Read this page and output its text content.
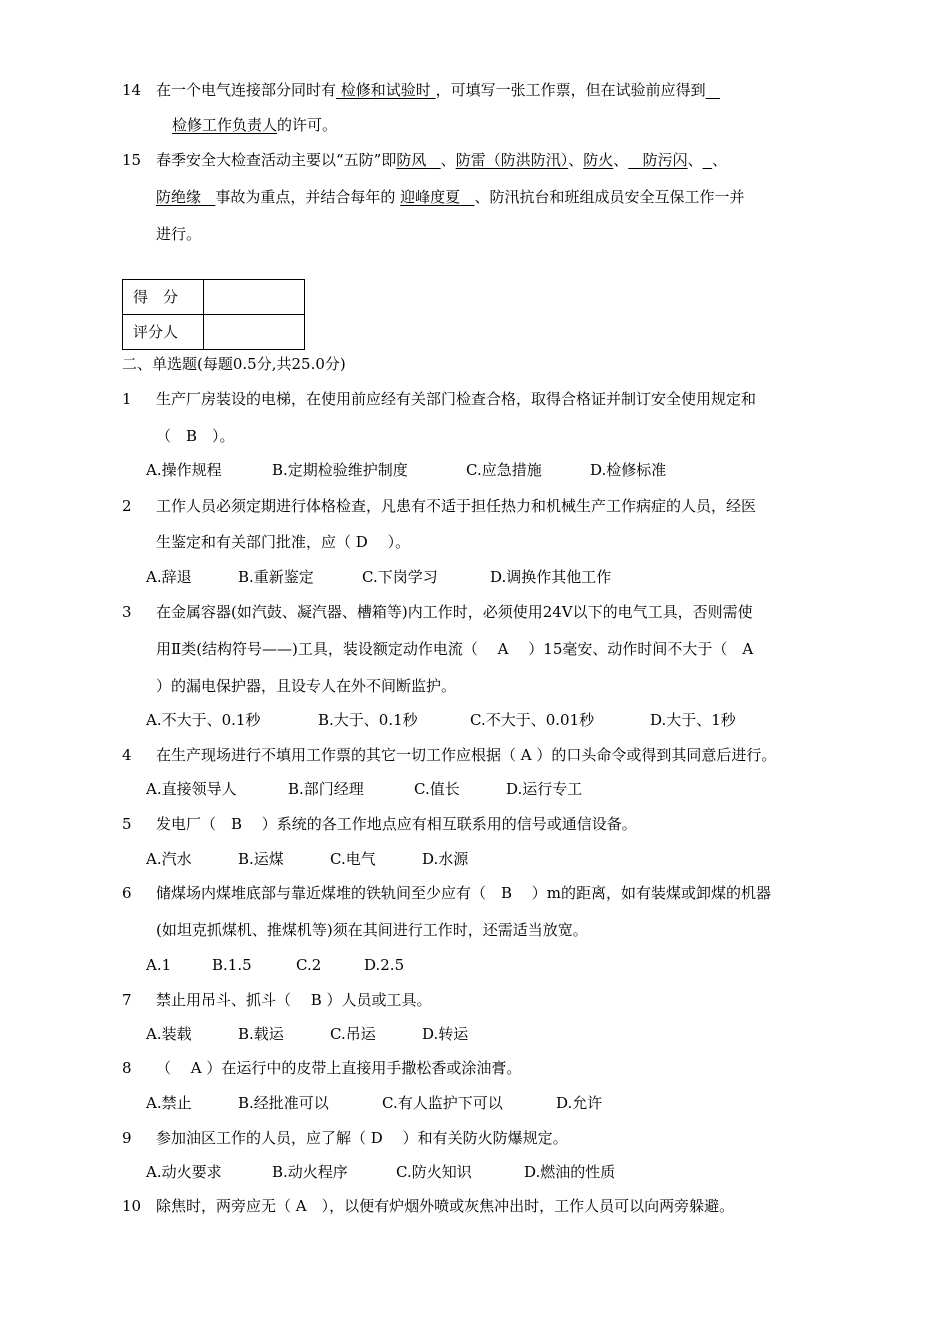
14 在一个电气连接部分同时有 检修和试验时 ，可填写一张工作票，但在试验前应得到
检修工作负责人的许可。
15 春季安全大检查活动主要以“五防”即防风 、防雷（防洪防汛）、防火、 防污闪、 、
防绝缘 事故为重点，并结合每年的 迎峰度夏 、防汛抗台和班组成员安全互保工作一并
进行。
得　分	
评分人	
二、单选题(每题0.5分,共25.0分)
1 生产厂房装设的电梯，在使用前应经有关部门检查合格，取得合格证并制订安全使用规定和
（　B　）。
A.操作规程	B.定期检验维护制度	C.应急措施	D.检修标准
2 工作人员必须定期进行体格检查，凡患有不适于担任热力和机械生产工作病症的人员，经医
生鉴定和有关部门批准，应（ D　 ）。
A.辞退	B.重新鉴定	C.下岗学习	D.调换作其他工作
3 在金属容器(如汽鼓、凝汽器、槽箱等)内工作时，必须使用24V以下的电气工具，否则需使
用Ⅱ类(结构符号——)工具，装设额定动作电流（　 A　 ）15毫安、动作时间不大于（　A
）的漏电保护器，且设专人在外不间断监护。
A.不大于、0.1秒	B.大于、0.1秒	C.不大于、0.01秒	D.大于、1秒
4 在生产现场进行不填用工作票的其它一切工作应根据（ A ）的口头命令或得到其同意后进行。
A.直接领导人	B.部门经理	C.值长	D.运行专工
5 发电厂（　B　 ）系统的各工作地点应有相互联系用的信号或通信设备。
A.汽水	B.运煤	C.电气	D.水源
6 储煤场内煤堆底部与靠近煤堆的铁轨间至少应有（　B　 ）m的距离，如有装煤或卸煤的机器
(如坦克抓煤机、推煤机等)须在其间进行工作时，还需适当放宽。
A.1	B.1.5	C.2	D.2.5
7 禁止用吊斗、抓斗（　 B ）人员或工具。
A.装载	B.载运	C.吊运	D.转运
8 （　 A ）在运行中的皮带上直接用手撒松香或涂油膏。
A.禁止	B.经批准可以	C.有人监护下可以	D.允许
9 参加油区工作的人员，应了解（ D　 ）和有关防火防爆规定。
A.动火要求	B.动火程序	C.防火知识	D.燃油的性质
10 除焦时，两旁应无（ A　），以便有炉烟外喷或灰焦冲出时，工作人员可以向两旁躲避。
